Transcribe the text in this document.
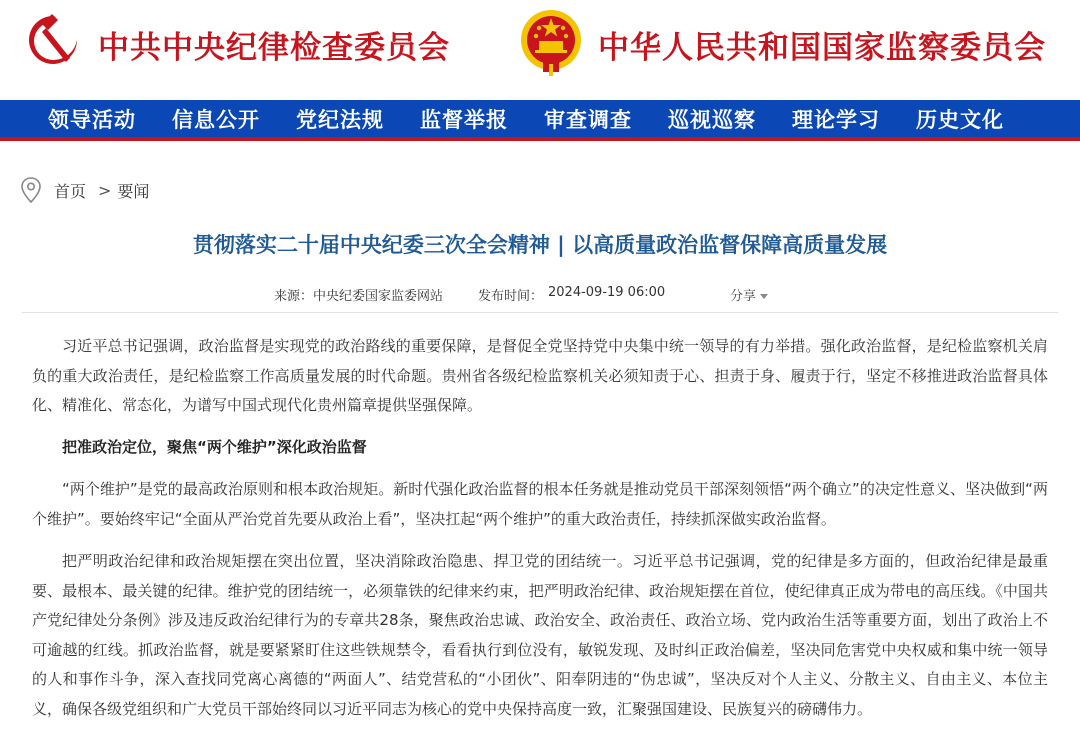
中共中央纪律检查委员会	中华人民共和国国家监察委员会
领导活动 信息公开 党纪法规 监督举报 审查调查 巡视巡察 理论学习 历史文化
首页 > 要闻
贯彻落实二十届中央纪委三次全会精神 | 以高质量政治监督保障高质量发展
来源： 中央纪委国家监委网站	发布时间： 2024-09-19 06:00	分享

习近平总书记强调，政治监督是实现党的政治路线的重要保障，是督促全党坚持党中央集中统一领导的有力举措。强化政治监督，是纪检监察机关肩负的重大政治责任，是纪检监察工作高质量发展的时代命题。贵州省各级纪检监察机关必须知责于心、担责于身、履责于行，坚定不移推进政治监督具体化、精准化、常态化，为谱写中国式现代化贵州篇章提供坚强保障。

把准政治定位，聚焦“两个维护”深化政治监督

“两个维护”是党的最高政治原则和根本政治规矩。新时代强化政治监督的根本任务就是推动党员干部深刻领悟“两个确立”的决定性意义、坚决做到“两个维护”。要始终牢记“全面从严治党首先要从政治上看”，坚决扛起“两个维护”的重大政治责任，持续抓深做实政治监督。

把严明政治纪律和政治规矩摆在突出位置，坚决消除政治隐患、捍卫党的团结统一。习近平总书记强调，党的纪律是多方面的，但政治纪律是最重要、最根本、最关键的纪律。维护党的团结统一，必须靠铁的纪律来约束，把严明政治纪律、政治规矩摆在首位，使纪律真正成为带电的高压线。《中国共产党纪律处分条例》涉及违反政治纪律行为的专章共28条，聚焦政治忠诚、政治安全、政治责任、政治立场、党内政治生活等重要方面，划出了政治上不可逾越的红线。抓政治监督，就是要紧紧盯住这些铁规禁令，看看执行到位没有，敏锐发现、及时纠正政治偏差，坚决同危害党中央权威和集中统一领导的人和事作斗争，深入查找同党离心离德的“两面人”、结党营私的“小团伙”、阳奉阴违的“伪忠诚”，坚决反对个人主义、分散主义、自由主义、本位主义，确保各级党组织和广大党员干部始终同以习近平同志为核心的党中央保持高度一致，汇聚强国建设、民族复兴的磅礴伟力。
